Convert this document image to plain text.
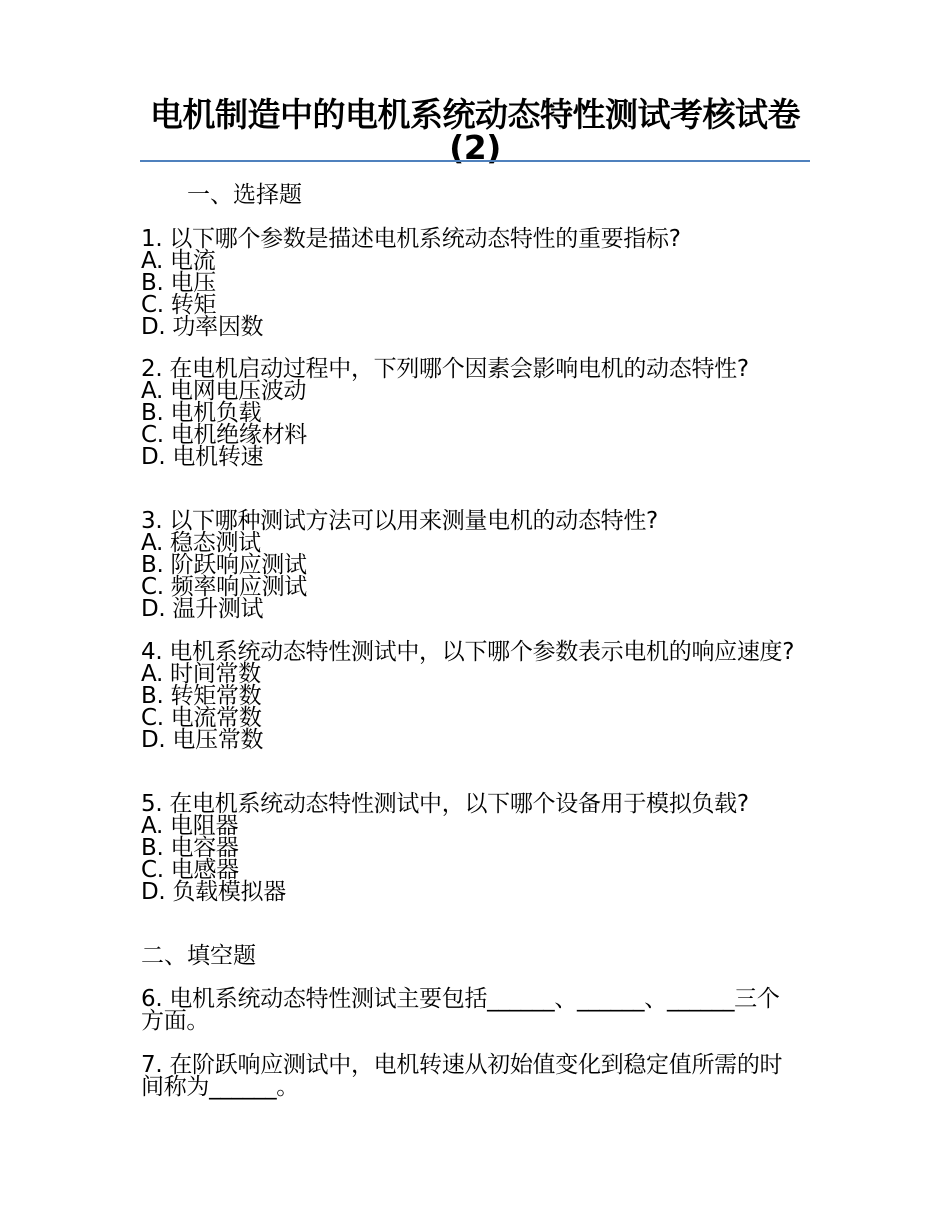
电机制造中的电机系统动态特性测试考核试卷(2)
一、选择题
1. 以下哪个参数是描述电机系统动态特性的重要指标?
A. 电流
B. 电压
C. 转矩
D. 功率因数
2. 在电机启动过程中，下列哪个因素会影响电机的动态特性?
A. 电网电压波动
B. 电机负载
C. 电机绝缘材料
D. 电机转速
3. 以下哪种测试方法可以用来测量电机的动态特性?
A. 稳态测试
B. 阶跃响应测试
C. 频率响应测试
D. 温升测试
4. 电机系统动态特性测试中，以下哪个参数表示电机的响应速度?
A. 时间常数
B. 转矩常数
C. 电流常数
D. 电压常数
5. 在电机系统动态特性测试中，以下哪个设备用于模拟负载?
A. 电阻器
B. 电容器
C. 电感器
D. 负载模拟器
二、填空题
6. 电机系统动态特性测试主要包括______、______、______三个方面。
7. 在阶跃响应测试中，电机转速从初始值变化到稳定值所需的时间称为______。
